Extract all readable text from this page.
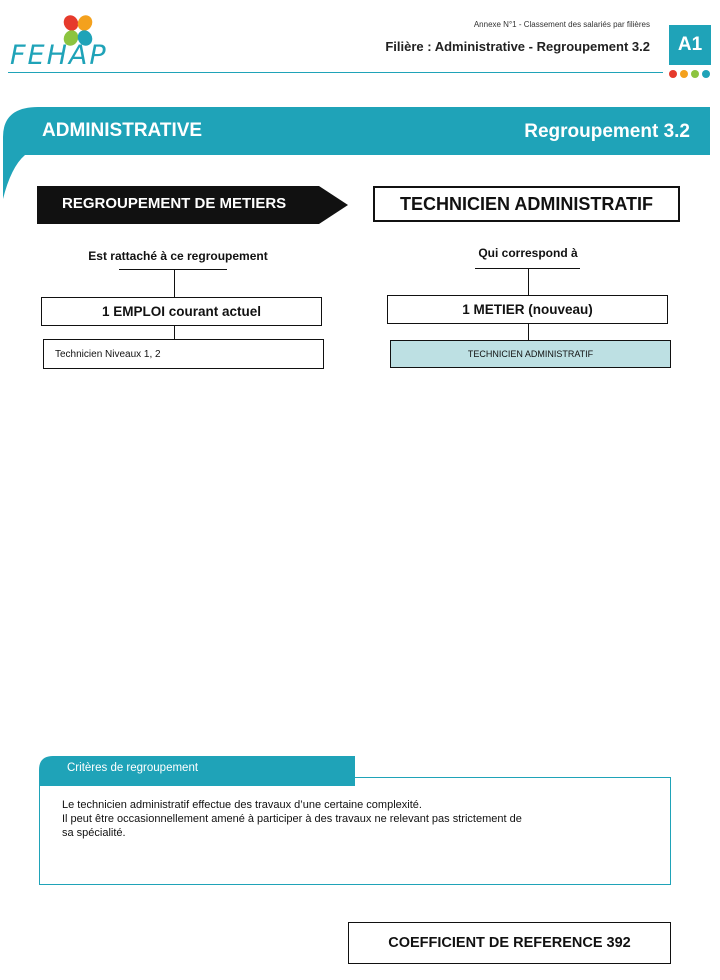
FEHAP
Annexe N°1 - Classement des salariés par filières
Filière : Administrative - Regroupement 3.2	A1
ADMINISTRATIVE	Regroupement 3.2
REGROUPEMENT DE METIERS
Est rattaché à ce regroupement
1 EMPLOI courant actuel
Technicien Niveaux 1, 2
TECHNICIEN ADMINISTRATIF
Qui correspond à
1 METIER (nouveau)
TECHNICIEN ADMINISTRATIF
Critères de regroupement
Le technicien administratif effectue des travaux d’une certaine complexité.
Il peut être occasionnellement amené à participer à des travaux ne relevant pas strictement de
sa spécialité.
COEFFICIENT DE REFERENCE 392
